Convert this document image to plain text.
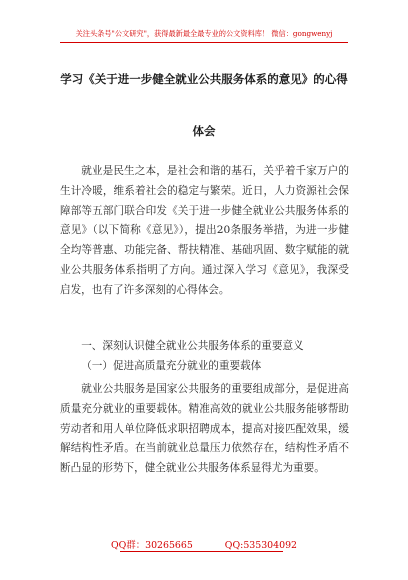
关注头条号"公文研究"，获得最新最全最专业的公文资料库！ 微信：gongwenyj
学习《关于进一步健全就业公共服务体系的意见》的心得
体会

就业是民生之本，是社会和谐的基石，关乎着千家万户的生计冷暖，维系着社会的稳定与繁荣。近日，人力资源社会保障部等五部门联合印发《关于进一步健全就业公共服务体系的意见》（以下简称《意见》），提出20条服务举措，为进一步健全均等普惠、功能完备、帮扶精准、基础巩固、数字赋能的就业公共服务体系指明了方向。通过深入学习《意见》，我深受启发，也有了许多深刻的心得体会。

一、深刻认识健全就业公共服务体系的重要意义

（一）促进高质量充分就业的重要载体

就业公共服务是国家公共服务的重要组成部分，是促进高质量充分就业的重要载体。精准高效的就业公共服务能够帮助劳动者和用人单位降低求职招聘成本，提高对接匹配效果，缓解结构性矛盾。在当前就业总量压力依然存在，结构性矛盾不断凸显的形势下，健全就业公共服务体系显得尤为重要。

QQ群：30265665	QQ:535304092
